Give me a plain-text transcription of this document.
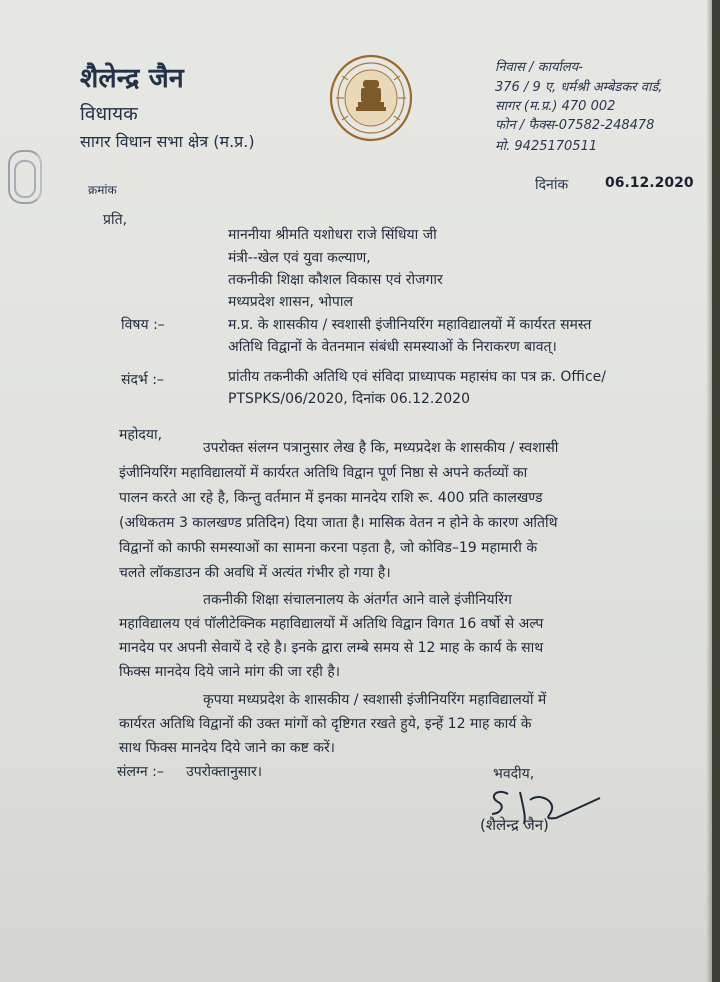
शैलेन्द्र जैन
विधायक
सागर विधान सभा क्षेत्र (म.प्र.)
निवास / कार्यालय-
376 / 9 ए, धर्मश्री अम्बेडकर वार्ड,
सागर (म.प्र.) 470 002
फोन / फैक्स-07582-248478
मो. 9425170511
क्रमांक	दिनांक	06.12.2020
प्रति,
माननीया श्रीमति यशोधरा राजे सिंधिया जी
मंत्री--खेल एवं युवा कल्याण,
तकनीकी शिक्षा कौशल विकास एवं रोजगार
मध्यप्रदेश शासन, भोपाल
विषय :–	म.प्र. के शासकीय / स्वशासी इंजीनियरिंग महाविद्यालयों में कार्यरत समस्त
अतिथि विद्वानों के वेतनमान संबंधी समस्याओं के निराकरण बावत्।
संदर्भ :–	प्रांतीय तकनीकी अतिथि एवं संविदा प्राध्यापक महासंघ का पत्र क्र. Office/
PTSPKS/06/2020, दिनांक 06.12.2020
महोदया,
उपरोक्त संलग्न पत्रानुसार लेख है कि, मध्यप्रदेश के शासकीय / स्वशासी
इंजीनियरिंग महाविद्यालयों में कार्यरत अतिथि विद्वान पूर्ण निष्ठा से अपने कर्तव्यों का
पालन करते आ रहे है, किन्तु वर्तमान में इनका मानदेय राशि रू. 400 प्रति कालखण्ड
(अधिकतम 3 कालखण्ड प्रतिदिन) दिया जाता है। मासिक वेतन न होने के कारण अतिथि
विद्वानों को काफी समस्याओं का सामना करना पड़ता है, जो कोविड–19 महामारी के
चलते लॉकडाउन की अवधि में अत्यंत गंभीर हो गया है।
तकनीकी शिक्षा संचालनालय के अंतर्गत आने वाले इंजीनियरिंग
महाविद्यालय एवं पॉलीटेक्निक महाविद्यालयों में अतिथि विद्वान विगत 16 वर्षो से अल्प
मानदेय पर अपनी सेवायें दे रहे है। इनके द्वारा लम्बे समय से 12 माह के कार्य के साथ
फिक्स मानदेय दिये जाने मांग की जा रही है।
कृपया मध्यप्रदेश के शासकीय / स्वशासी इंजीनियरिंग महाविद्यालयों में
कार्यरत अतिथि विद्वानों की उक्त मांगों को दृष्टिगत रखते हुये, इन्हें 12 माह कार्य के
साथ फिक्स मानदेय दिये जाने का कष्ट करें।
संलग्न :–     उपरोक्तानुसार।	भवदीय,
(शैलेन्द्र जैन)
